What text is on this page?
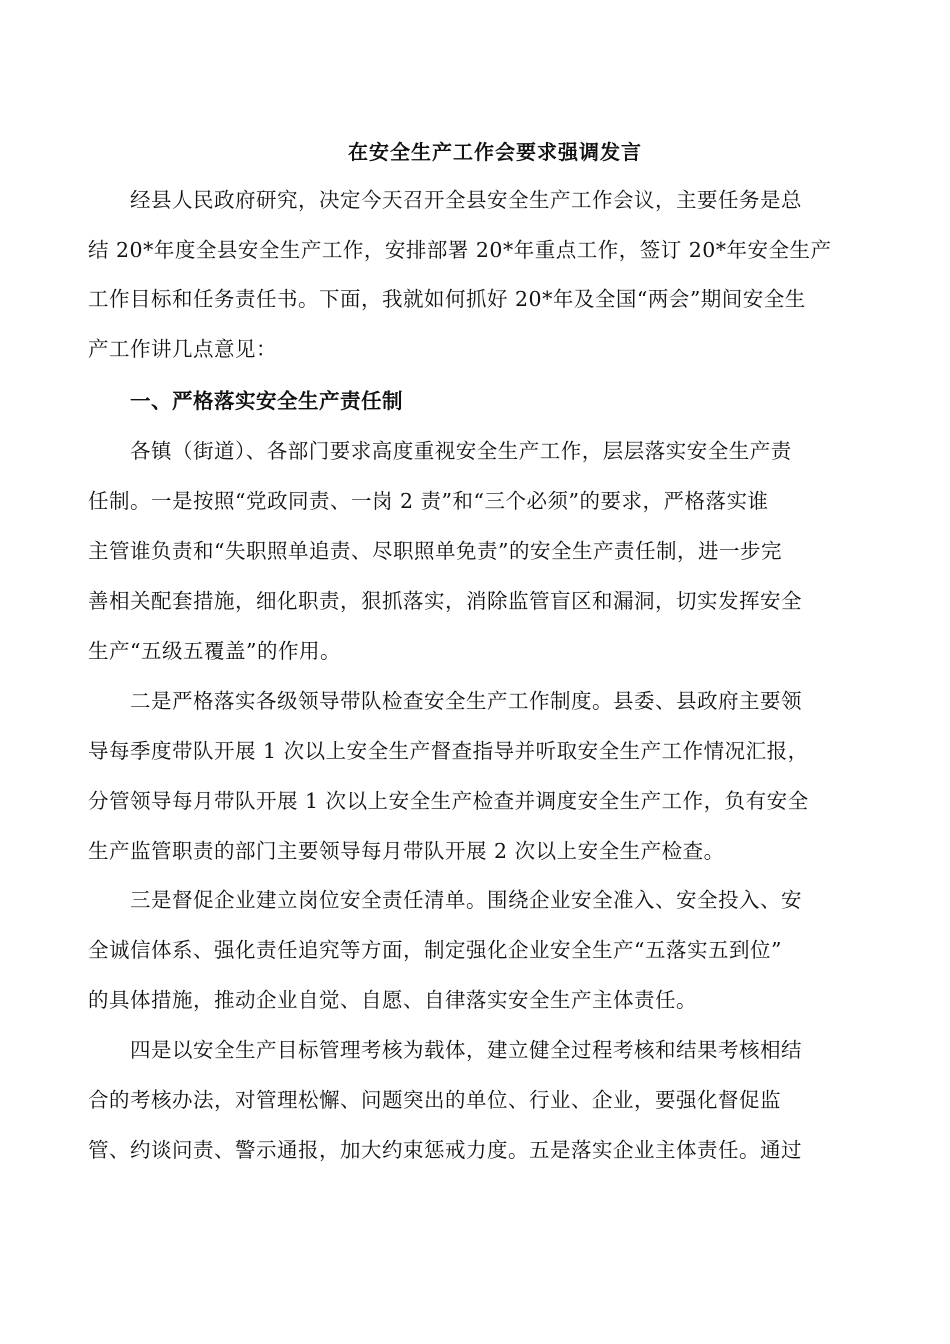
在安全生产工作会要求强调发言
经县人民政府研究，决定今天召开全县安全生产工作会议，主要任务是总
结 20*年度全县安全生产工作，安排部署 20*年重点工作，签订 20*年安全生产
工作目标和任务责任书。下面，我就如何抓好 20*年及全国“两会”期间安全生
产工作讲几点意见：
一、严格落实安全生产责任制
各镇（街道）、各部门要求高度重视安全生产工作，层层落实安全生产责
任制。一是按照“党政同责、一岗 2 责”和“三个必须”的要求，严格落实谁
主管谁负责和“失职照单追责、尽职照单免责”的安全生产责任制，进一步完
善相关配套措施，细化职责，狠抓落实，消除监管盲区和漏洞，切实发挥安全
生产“五级五覆盖”的作用。
二是严格落实各级领导带队检查安全生产工作制度。县委、县政府主要领
导每季度带队开展 1 次以上安全生产督查指导并听取安全生产工作情况汇报，
分管领导每月带队开展 1 次以上安全生产检查并调度安全生产工作，负有安全
生产监管职责的部门主要领导每月带队开展 2 次以上安全生产检查。
三是督促企业建立岗位安全责任清单。围绕企业安全准入、安全投入、安
全诚信体系、强化责任追究等方面，制定强化企业安全生产“五落实五到位”
的具体措施，推动企业自觉、自愿、自律落实安全生产主体责任。
四是以安全生产目标管理考核为载体，建立健全过程考核和结果考核相结
合的考核办法，对管理松懈、问题突出的单位、行业、企业，要强化督促监
管、约谈问责、警示通报，加大约束惩戒力度。五是落实企业主体责任。通过
